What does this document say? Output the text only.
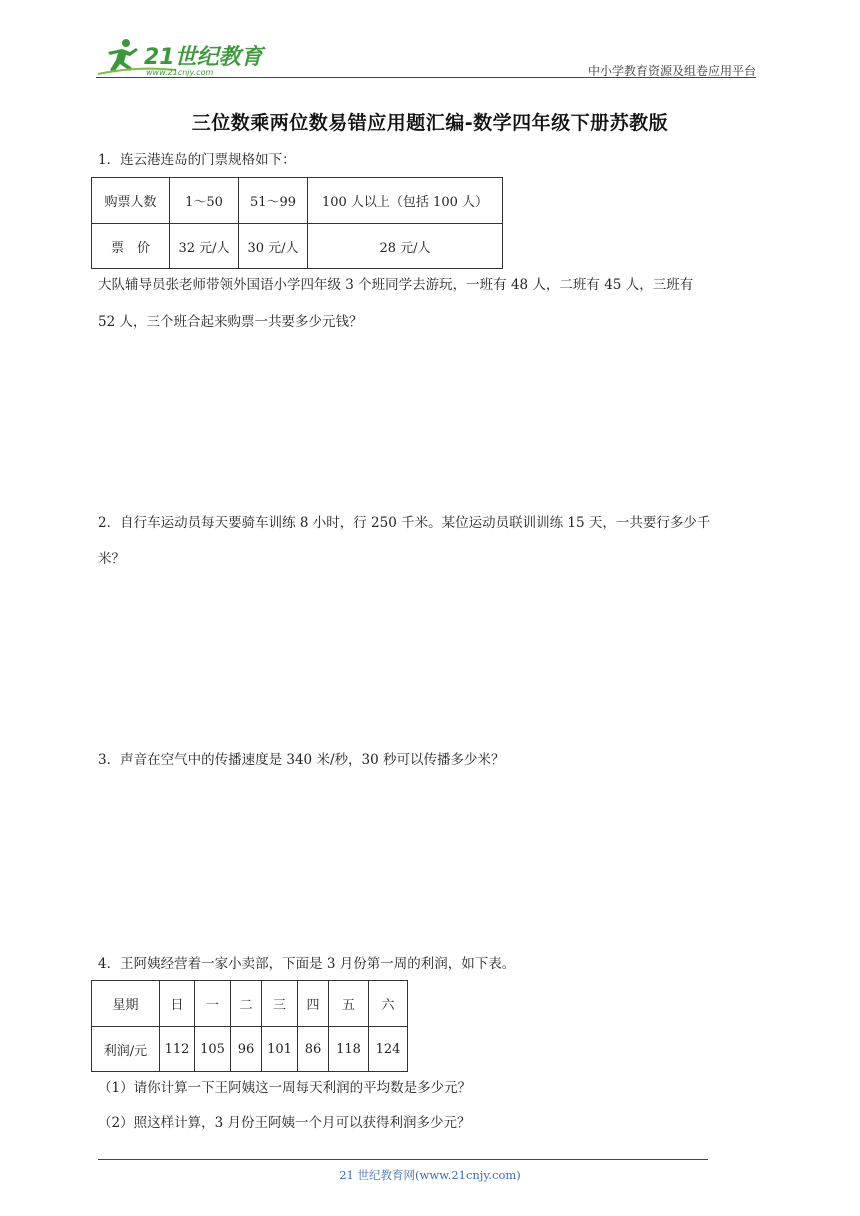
21世纪教育
www.21cnjy.com	中小学教育资源及组卷应用平台
三位数乘两位数易错应用题汇编-数学四年级下册苏教版
1．连云港连岛的门票规格如下：
购票人数	1～50	51～99	100 人以上（包括 100 人）
票　价	32 元/人	30 元/人	28 元/人
大队辅导员张老师带领外国语小学四年级 3 个班同学去游玩，一班有 48 人，二班有 45 人，三班有
52 人，三个班合起来购票一共要多少元钱？
2．自行车运动员每天要骑车训练 8 小时，行 250 千米。某位运动员联训训练 15 天，一共要行多少千
米？
3．声音在空气中的传播速度是 340 米/秒，30 秒可以传播多少米？
4．王阿姨经营着一家小卖部，下面是 3 月份第一周的利润，如下表。
星期	日	一	二	三	四	五	六
利润/元	112	105	96	101	86	118	124
（1）请你计算一下王阿姨这一周每天利润的平均数是多少元？
（2）照这样计算，3 月份王阿姨一个月可以获得利润多少元？
21 世纪教育网(www.21cnjy.com)
